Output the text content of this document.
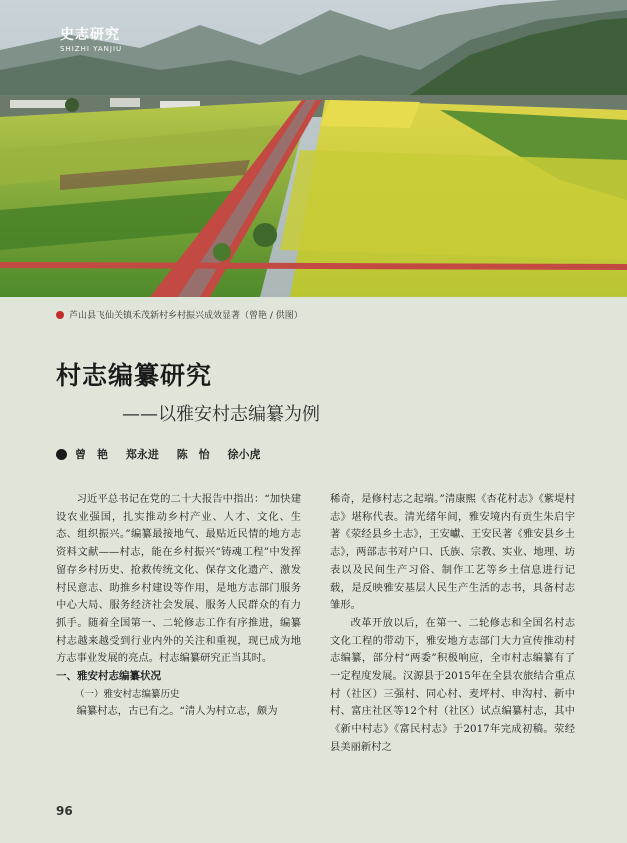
史志研究
SHIZHI YANJIU
芦山县飞仙关镇禾茂新村乡村振兴成效显著（曾艳 / 供图）
村志编纂研究
——以雅安村志编纂为例
曾　艳 郑永进 陈　怡 徐小虎

习近平总书记在党的二十大报告中指出：“加快建设农业强国，扎实推动乡村产业、人才、文化、生态、组织振兴。”编纂最接地气、最贴近民情的地方志资料文献——村志，能在乡村振兴“铸魂工程”中发挥留存乡村历史、抢救传统文化、保存文化遗产、激发村民意志、助推乡村建设等作用，是地方志部门服务中心大局、服务经济社会发展、服务人民群众的有力抓手。随着全国第一、二轮修志工作有序推进，编纂村志越来越受到行业内外的关注和重视，现已成为地方志事业发展的亮点。村志编纂研究正当其时。

一、雅安村志编纂状况

（一）雅安村志编纂历史

编纂村志，古已有之。“清人为村立志，颇为

稀奇，是修村志之起端。”清康熙《杏花村志》《紫堤村志》堪称代表。清光绪年间，雅安境内有贡生朱启宇著《荥经县乡土志》，王安巘、王安民著《雅安县乡土志》，两部志书对户口、氏族、宗教、实业、地理、坊表以及民间生产习俗、制作工艺等乡土信息进行记载，是反映雅安基层人民生产生活的志书，具备村志雏形。

改革开放以后，在第一、二轮修志和全国名村志文化工程的带动下，雅安地方志部门大力宣传推动村志编纂，部分村“两委”积极响应，全市村志编纂有了一定程度发展。汉源县于2015年在全县农旅结合重点村（社区）三强村、同心村、麦坪村、申沟村、新中村、富庄社区等12个村（社区）试点编纂村志，其中《新中村志》《富民村志》于2017年完成初稿。荥经县美丽新村之

96
